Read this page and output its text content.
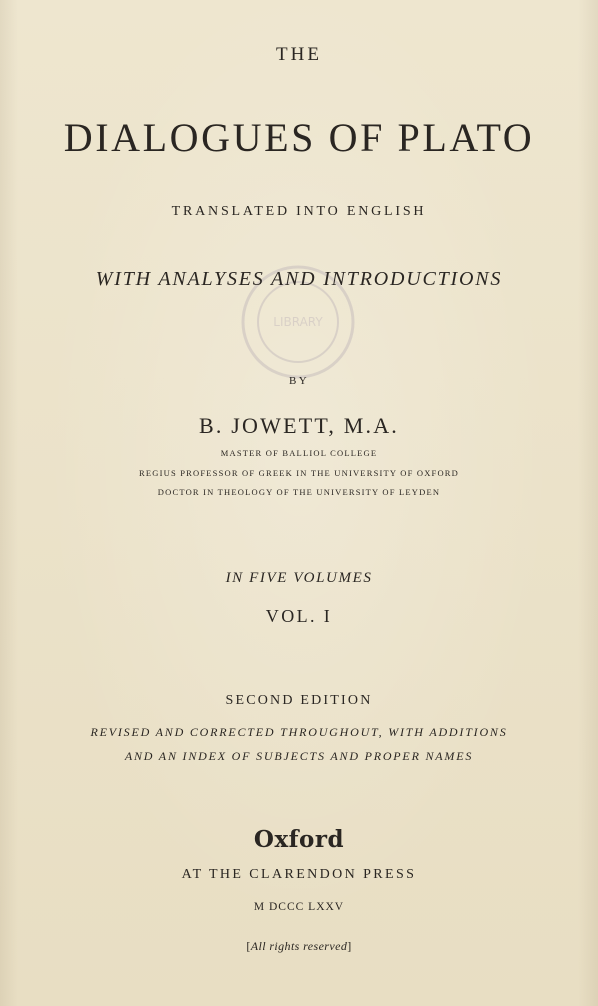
LIBRARY
THE
DIALOGUES OF PLATO
TRANSLATED INTO ENGLISH
WITH ANALYSES AND INTRODUCTIONS
BY
B. JOWETT, M.A.
MASTER OF BALLIOL COLLEGE
REGIUS PROFESSOR OF GREEK IN THE UNIVERSITY OF OXFORD
DOCTOR IN THEOLOGY OF THE UNIVERSITY OF LEYDEN
IN FIVE VOLUMES
VOL. I
SECOND EDITION
REVISED AND CORRECTED THROUGHOUT, WITH ADDITIONS
AND AN INDEX OF SUBJECTS AND PROPER NAMES
Oxford
AT THE CLARENDON PRESS
M DCCC LXXV
[All rights reserved]
